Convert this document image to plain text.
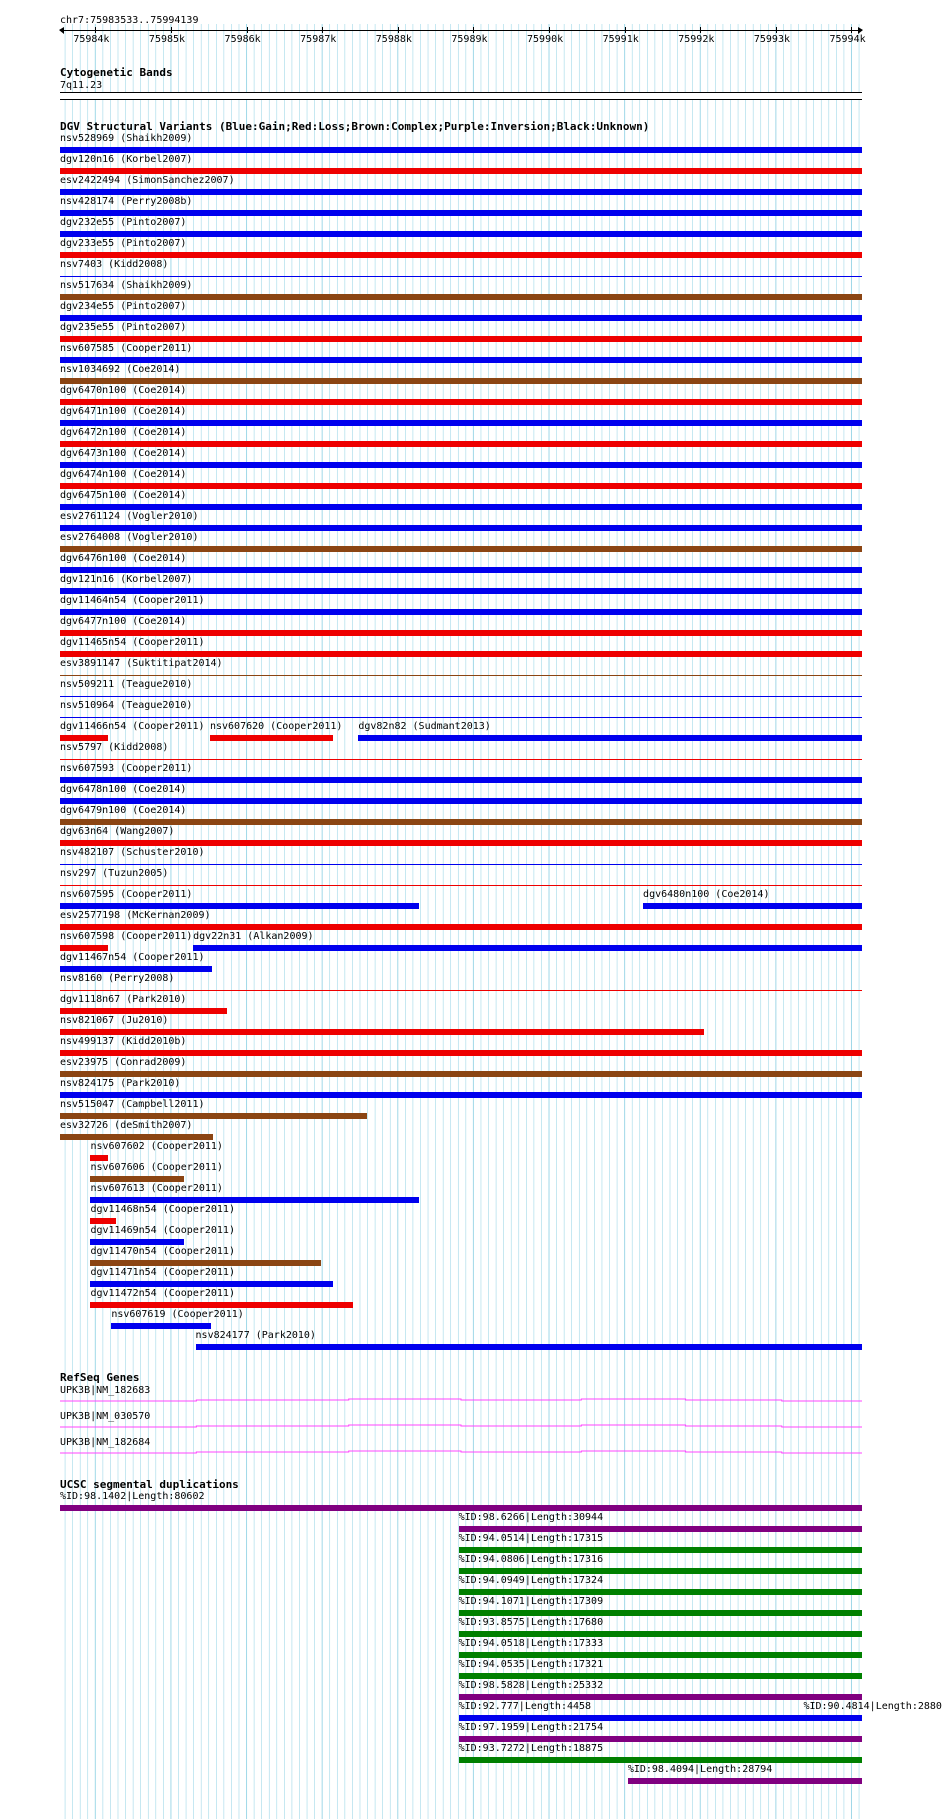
chr7:75983533..75994139
75984k	75985k	75986k	75987k	75988k	75989k	75990k	75991k	75992k	75993k	75994k
Cytogenetic Bands
7q11.23
DGV Structural Variants (Blue:Gain;Red:Loss;Brown:Complex;Purple:Inversion;Black:Unknown)
nsv528969 (Shaikh2009)
dgv120n16 (Korbel2007)
esv2422494 (SimonSanchez2007)
nsv428174 (Perry2008b)
dgv232e55 (Pinto2007)
dgv233e55 (Pinto2007)
nsv7403 (Kidd2008)
nsv517634 (Shaikh2009)
dgv234e55 (Pinto2007)
dgv235e55 (Pinto2007)
nsv607585 (Cooper2011)
nsv1034692 (Coe2014)
dgv6470n100 (Coe2014)
dgv6471n100 (Coe2014)
dgv6472n100 (Coe2014)
dgv6473n100 (Coe2014)
dgv6474n100 (Coe2014)
dgv6475n100 (Coe2014)
esv2761124 (Vogler2010)
esv2764008 (Vogler2010)
dgv6476n100 (Coe2014)
dgv121n16 (Korbel2007)
dgv11464n54 (Cooper2011)
dgv6477n100 (Coe2014)
dgv11465n54 (Cooper2011)
esv3891147 (Suktitipat2014)
nsv509211 (Teague2010)
nsv510964 (Teague2010)
dgv11466n54 (Cooper2011) nsv607620 (Cooper2011) dgv82n82 (Sudmant2013)
nsv5797 (Kidd2008)
nsv607593 (Cooper2011)
dgv6478n100 (Coe2014)
dgv6479n100 (Coe2014)
dgv63n64 (Wang2007)
nsv482107 (Schuster2010)
nsv297 (Tuzun2005)
nsv607595 (Cooper2011)	dgv6480n100 (Coe2014)
esv2577198 (McKernan2009)
nsv607598 (Cooper2011) dgv22n31 (Alkan2009)
dgv11467n54 (Cooper2011)
nsv8160 (Perry2008)
dgv1118n67 (Park2010)
nsv821067 (Ju2010)
nsv499137 (Kidd2010b)
esv23975 (Conrad2009)
nsv824175 (Park2010)
nsv515047 (Campbell2011)
esv32726 (deSmith2007)
nsv607602 (Cooper2011)
nsv607606 (Cooper2011)
nsv607613 (Cooper2011)
dgv11468n54 (Cooper2011)
dgv11469n54 (Cooper2011)
dgv11470n54 (Cooper2011)
dgv11471n54 (Cooper2011)
dgv11472n54 (Cooper2011)
nsv607619 (Cooper2011)
nsv824177 (Park2010)
RefSeq Genes
UPK3B|NM_182683
UPK3B|NM_030570
UPK3B|NM_182684
UCSC segmental duplications
%ID:98.1402|Length:80602
%ID:98.6266|Length:30944
%ID:94.0514|Length:17315
%ID:94.0806|Length:17316
%ID:94.0949|Length:17324
%ID:94.1071|Length:17309
%ID:93.8575|Length:17680
%ID:94.0518|Length:17333
%ID:94.0535|Length:17321
%ID:98.5828|Length:25332
%ID:92.777|Length:4458	%ID:90.4814|Length:2880
%ID:97.1959|Length:21754
%ID:93.7272|Length:18875
%ID:98.4094|Length:28794
